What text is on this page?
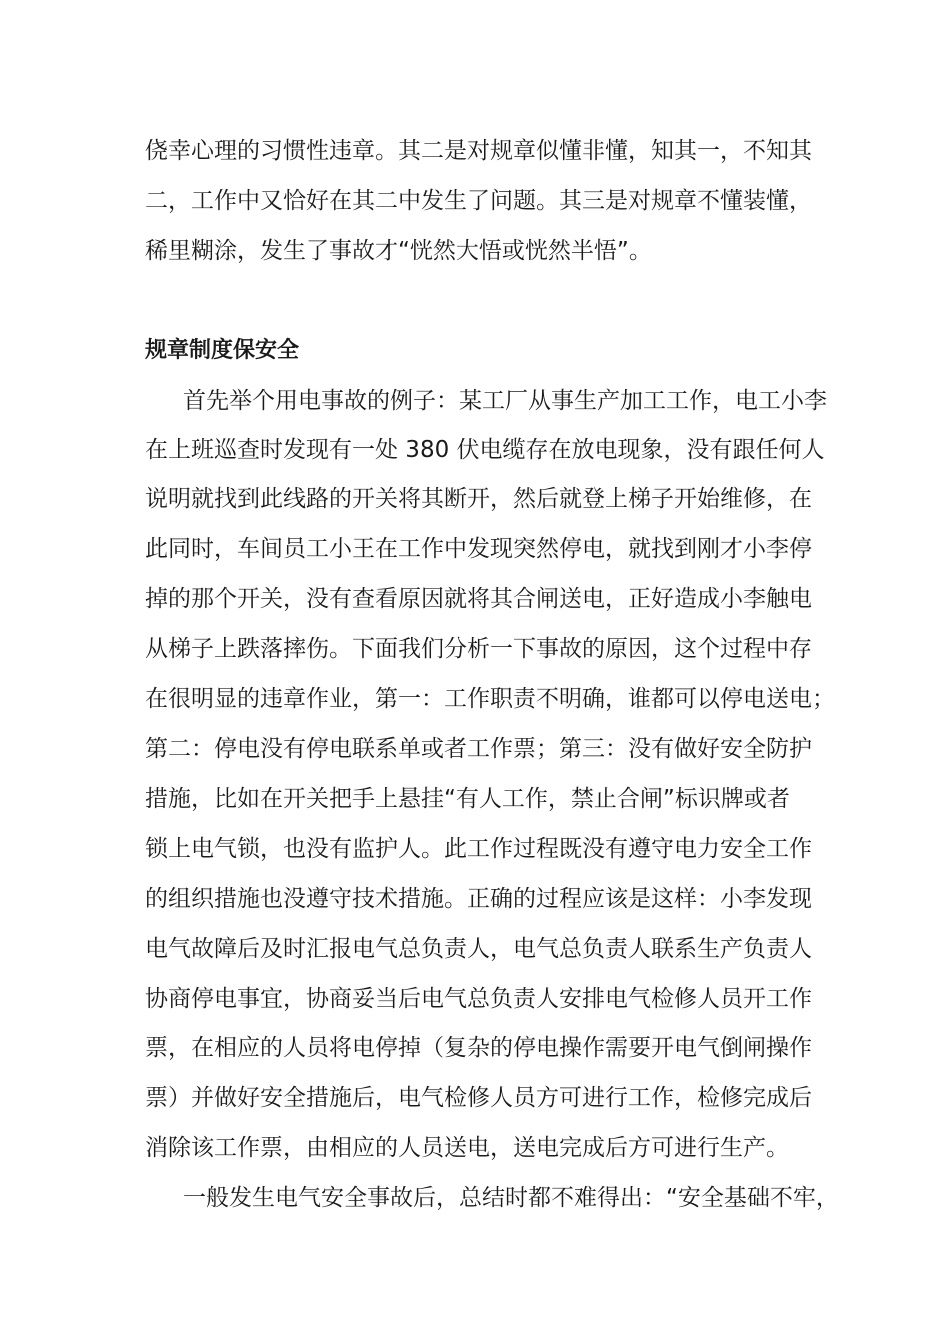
侥幸心理的习惯性违章。其二是对规章似懂非懂，知其一，不知其
二，工作中又恰好在其二中发生了问题。其三是对规章不懂装懂，
稀里糊涂，发生了事故才“恍然大悟或恍然半悟”。
规章制度保安全
首先举个用电事故的例子：某工厂从事生产加工工作，电工小李
在上班巡查时发现有一处 380 伏电缆存在放电现象，没有跟任何人
说明就找到此线路的开关将其断开，然后就登上梯子开始维修，在
此同时，车间员工小王在工作中发现突然停电，就找到刚才小李停
掉的那个开关，没有查看原因就将其合闸送电，正好造成小李触电
从梯子上跌落摔伤。下面我们分析一下事故的原因，这个过程中存
在很明显的违章作业，第一：工作职责不明确，谁都可以停电送电；
第二：停电没有停电联系单或者工作票；第三：没有做好安全防护
措施，比如在开关把手上悬挂“有人工作，禁止合闸”标识牌或者
锁上电气锁，也没有监护人。此工作过程既没有遵守电力安全工作
的组织措施也没遵守技术措施。正确的过程应该是这样：小李发现
电气故障后及时汇报电气总负责人，电气总负责人联系生产负责人
协商停电事宜，协商妥当后电气总负责人安排电气检修人员开工作
票，在相应的人员将电停掉（复杂的停电操作需要开电气倒闸操作
票）并做好安全措施后，电气检修人员方可进行工作，检修完成后
消除该工作票，由相应的人员送电，送电完成后方可进行生产。
一般发生电气安全事故后，总结时都不难得出：“安全基础不牢，
